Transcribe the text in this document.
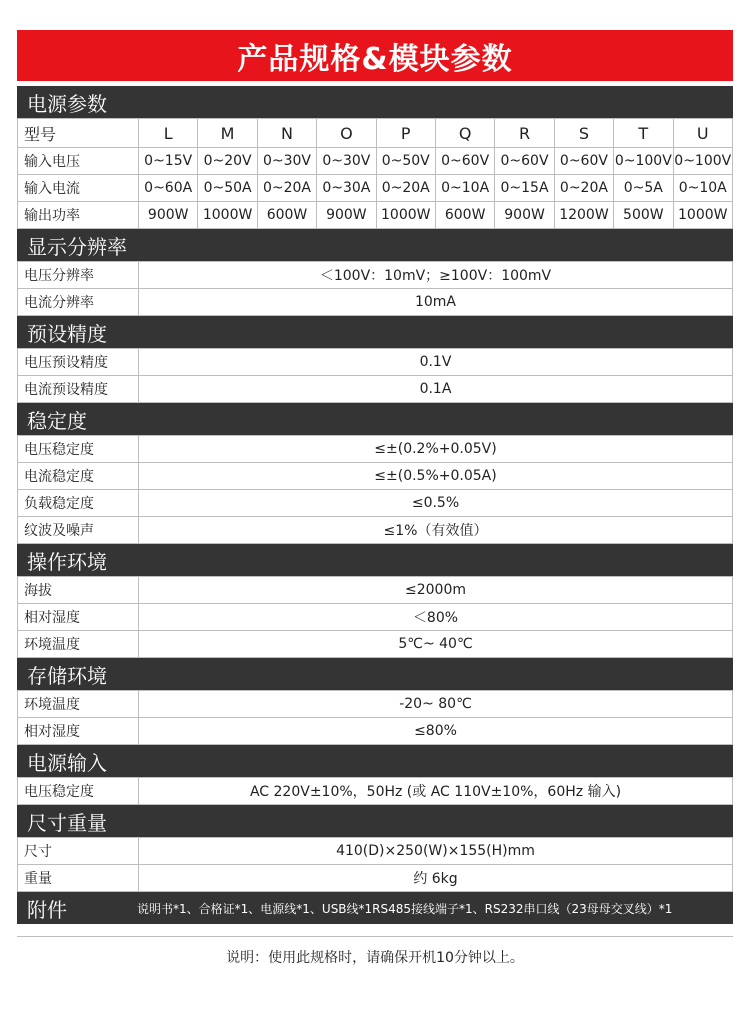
产品规格&模块参数
电源参数
型号	L	M	N	O	P	Q	R	S	T	U
输入电压	0~15V	0~20V	0~30V	0~30V	0~50V	0~60V	0~60V	0~60V	0~100V	0~100V
输入电流	0~60A	0~50A	0~20A	0~30A	0~20A	0~10A	0~15A	0~20A	0~5A	0~10A
输出功率	900W	1000W	600W	900W	1000W	600W	900W	1200W	500W	1000W
显示分辨率
电压分辨率	＜100V：10mV；≥100V：100mV
电流分辨率	10mA
预设精度
电压预设精度	0.1V
电流预设精度	0.1A
稳定度
电压稳定度	≤±(0.2%+0.05V)
电流稳定度	≤±(0.5%+0.05A)
负载稳定度	≤0.5%
纹波及噪声	≤1%（有效值）
操作环境
海拔	≤2000m
相对湿度	＜80%
环境温度	5℃~ 40℃
存储环境
环境温度	-20~ 80℃
相对湿度	≤80%
电源输入
电压稳定度	AC 220V±10%，50Hz (或 AC 110V±10%，60Hz 输入)
尺寸重量
尺寸	410(D)×250(W)×155(H)mm
重量	约 6kg
附件	说明书*1、合格证*1、电源线*1、USB线*1RS485接线端子*1、RS232串口线（23母母交叉线）*1
说明：使用此规格时，请确保开机10分钟以上。
